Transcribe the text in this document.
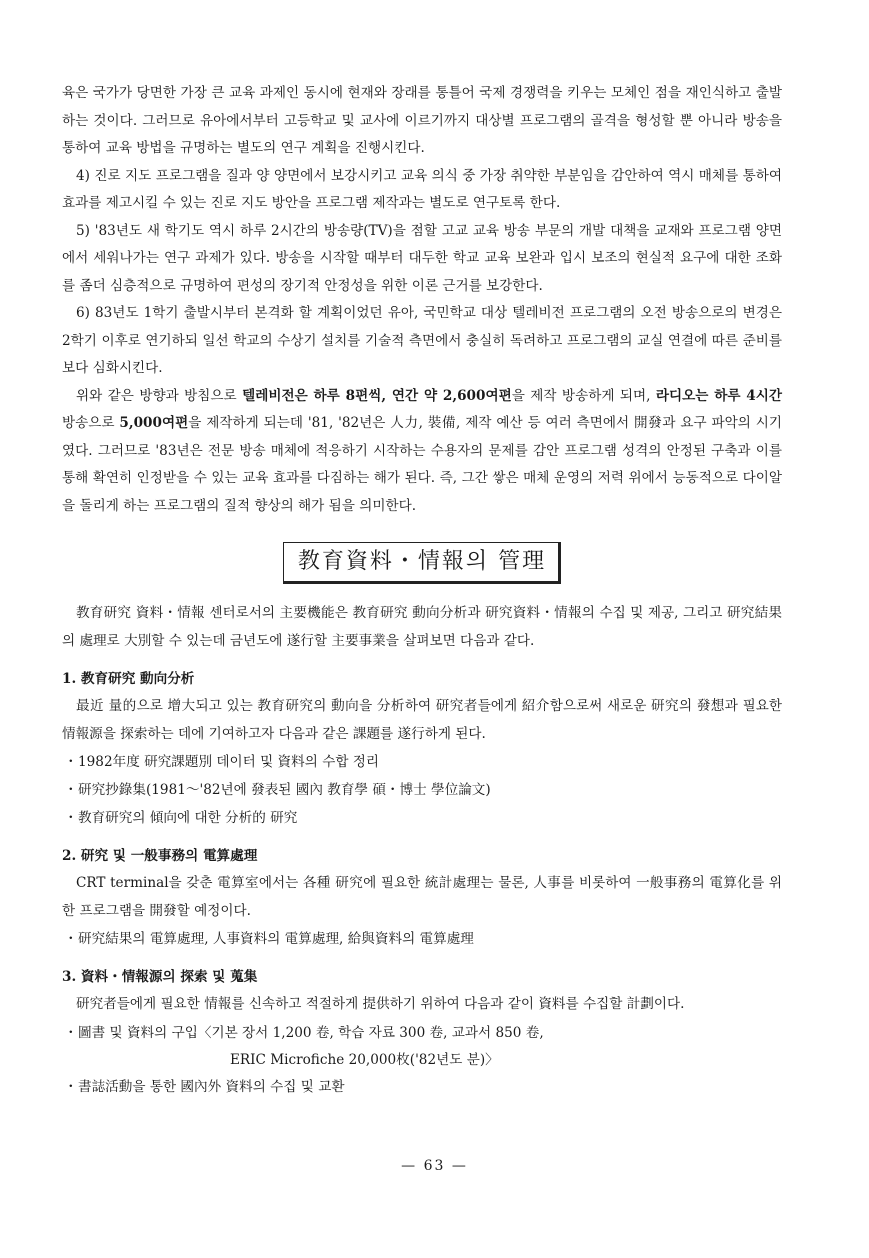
육은 국가가 당면한 가장 큰 교육 과제인 동시에 현재와 장래를 통틀어 국제 경쟁력을 키우는 모체인 점을 재인식하고 출발하는 것이다. 그러므로 유아에서부터 고등학교 및 교사에 이르기까지 대상별 프로그램의 골격을 형성할 뿐 아니라 방송을 통하여 교육 방법을 규명하는 별도의 연구 계획을 진행시킨다.

4) 진로 지도 프로그램을 질과 양 양면에서 보강시키고 교육 의식 중 가장 취약한 부분임을 감안하여 역시 매체를 통하여 효과를 제고시킬 수 있는 진로 지도 방안을 프로그램 제작과는 별도로 연구토록 한다.

5) '83년도 새 학기도 역시 하루 2시간의 방송량(TV)을 점할 고교 교육 방송 부문의 개발 대책을 교재와 프로그램 양면에서 세워나가는 연구 과제가 있다. 방송을 시작할 때부터 대두한 학교 교육 보완과 입시 보조의 현실적 요구에 대한 조화를 좀더 심층적으로 규명하여 편성의 장기적 안정성을 위한 이론 근거를 보강한다.

6) 83년도 1학기 출발시부터 본격화 할 계획이었던 유아, 국민학교 대상 텔레비전 프로그램의 오전 방송으로의 변경은 2학기 이후로 연기하되 일선 학교의 수상기 설치를 기술적 측면에서 충실히 독려하고 프로그램의 교실 연결에 따른 준비를 보다 심화시킨다.

위와 같은 방향과 방침으로 텔레비전은 하루 8편씩, 연간 약 2,600여편을 제작 방송하게 되며, 라디오는 하루 4시간 방송으로 5,000여편을 제작하게 되는데 '81, '82년은 人力, 裝備, 제작 예산 등 여러 측면에서 開發과 요구 파악의 시기였다. 그러므로 '83년은 전문 방송 매체에 적응하기 시작하는 수용자의 문제를 감안 프로그램 성격의 안정된 구축과 이를 통해 확연히 인정받을 수 있는 교육 효과를 다짐하는 해가 된다. 즉, 그간 쌓은 매체 운영의 저력 위에서 능동적으로 다이알을 돌리게 하는 프로그램의 질적 향상의 해가 됨을 의미한다.

教育資料・情報의 管理

教育研究 資料・情報 센터로서의 主要機能은 教育研究 動向分析과 研究資料・情報의 수집 및 제공, 그리고 研究結果의 處理로 大別할 수 있는데 금년도에 遂行할 主要事業을 살펴보면 다음과 같다.

1. 教育研究 動向分析

最近 量的으로 增大되고 있는 教育研究의 動向을 分析하여 研究者들에게 紹介함으로써 새로운 研究의 發想과 필요한 情報源을 探索하는 데에 기여하고자 다음과 같은 課題를 遂行하게 된다.

・1982年度 研究課題別 데이터 및 資料의 수합 정리
・研究抄錄集(1981～'82년에 發表된 國內 教育學 碩・博士 學位論文)
・教育研究의 傾向에 대한 分析的 研究
2. 研究 및 一般事務의 電算處理

CRT terminal을 갖춘 電算室에서는 各種 研究에 필요한 統計處理는 물론, 人事를 비롯하여 一般事務의 電算化를 위한 프로그램을 開發할 예정이다.

・研究結果의 電算處理, 人事資料의 電算處理, 給與資料의 電算處理
3. 資料・情報源의 探索 및 蒐集

研究者들에게 필요한 情報를 신속하고 적절하게 提供하기 위하여 다음과 같이 資料를 수집할 計劃이다.

・圖書 및 資料의 구입〈기본 장서 1,200 卷, 학습 자료 300 卷, 교과서 850 卷,
ERIC Microfiche 20,000枚('82년도 분)〉
・書誌活動을 통한 國內外 資料의 수집 및 교환
— 63 —
